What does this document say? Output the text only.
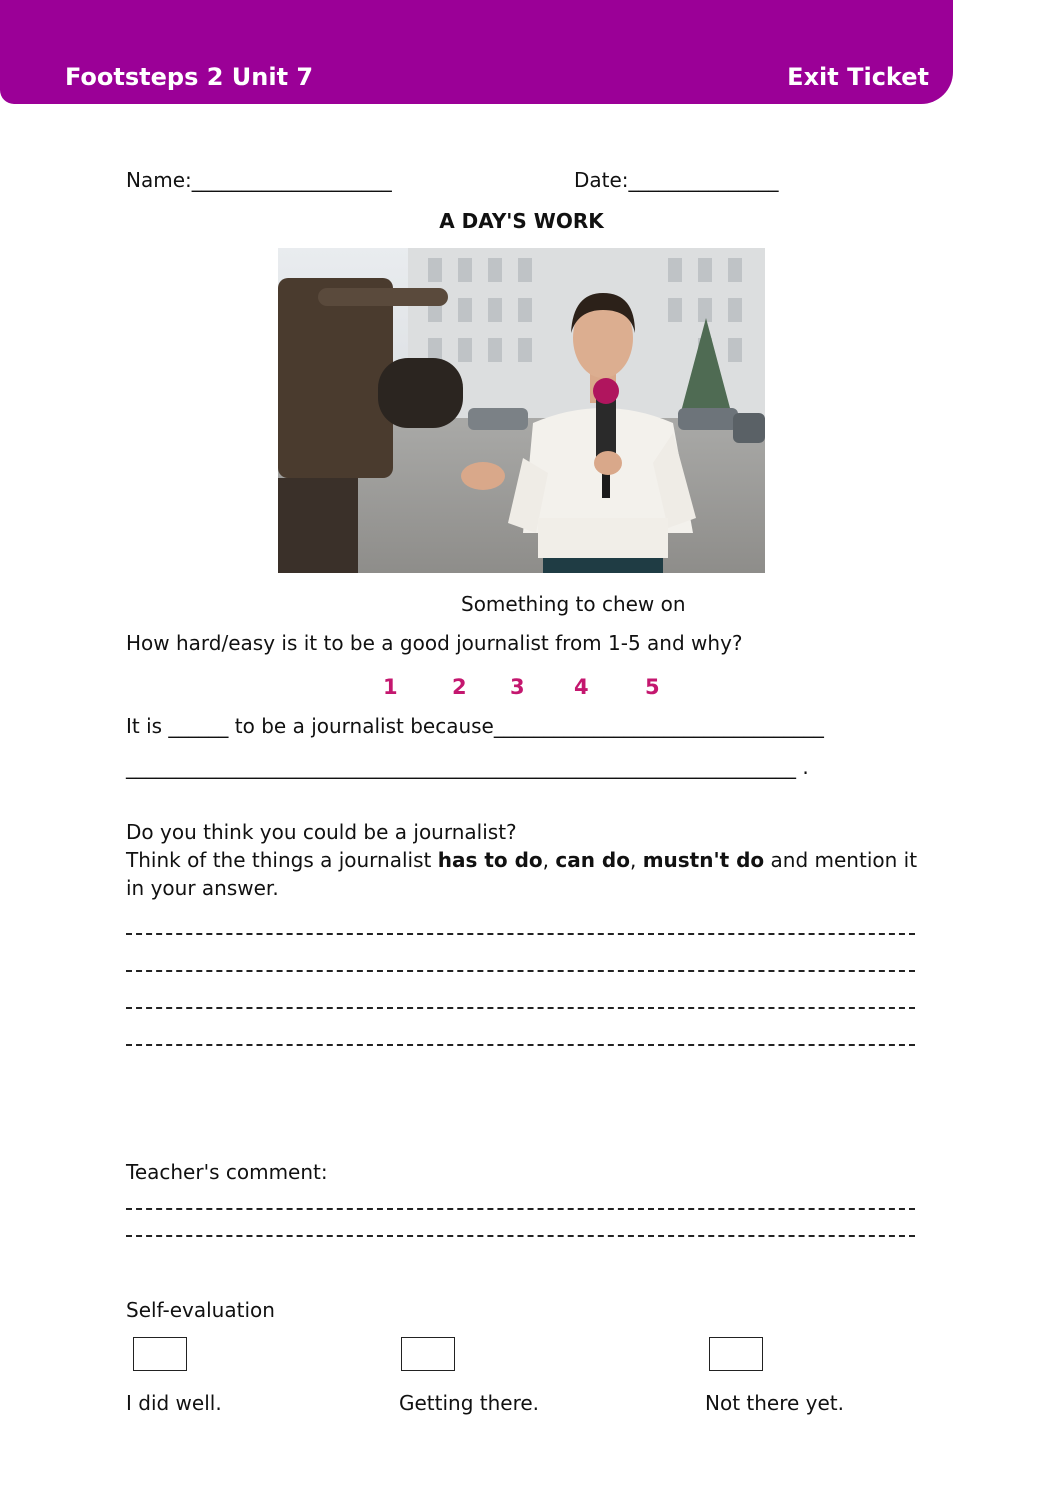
Footsteps 2 Unit 7	Exit Ticket
Name:____________________	Date:_______________
A DAY'S WORK
Something to chew on
How hard/easy is it to be a good journalist from 1-5 and why?
1	2 3 4	5
It is ______ to be a journalist because_________________________________
___________________________________________________________________ .
Do you think you could be a journalist?
Think of the things a journalist has to do, can do, mustn't do and mention it in your answer.
Teacher's comment:
Self-evaluation
I did well.	Getting there.	Not there yet.
